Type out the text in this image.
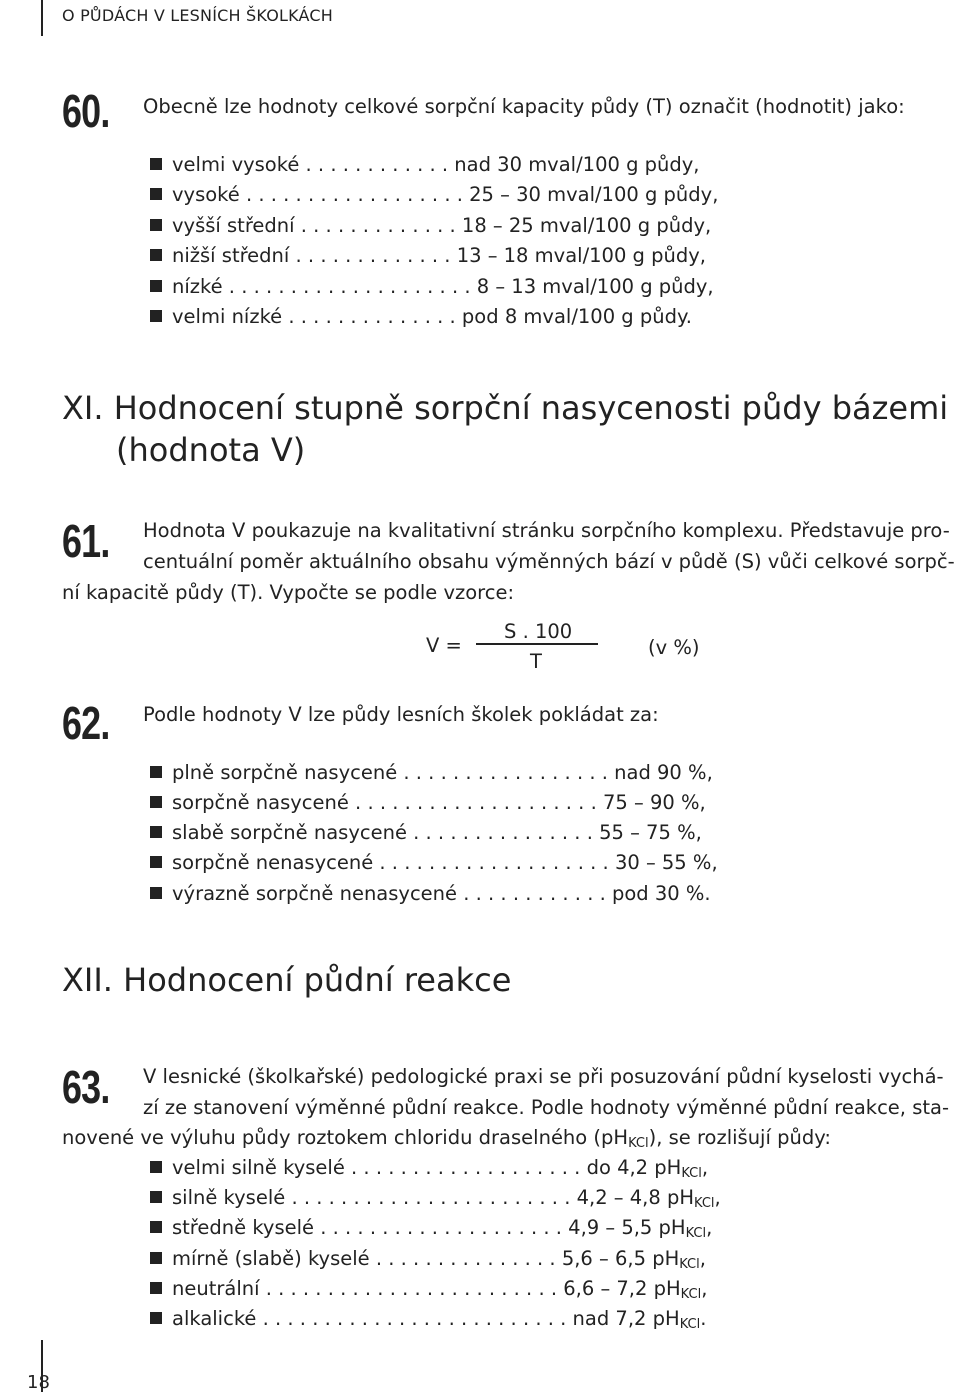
O PŮDÁCH V LESNÍCH ŠKOLKÁCH
60. Obecně lze hodnoty celkové sorpční kapacity půdy (T) označit (hodnotit) jako:
velmi vysoké . . . . . . . . . . . . nad 30 mval/100 g půdy,
vysoké . . . . . . . . . . . . . . . . . . 25 – 30 mval/100 g půdy,
vyšší střední . . . . . . . . . . . . . 18 – 25 mval/100 g půdy,
nižší střední . . . . . . . . . . . . . 13 – 18 mval/100 g půdy,
nízké . . . . . . . . . . . . . . . . . . . . 8 – 13 mval/100 g půdy,
velmi nízké . . . . . . . . . . . . . . pod 8 mval/100 g půdy.
XI. Hodnocení stupně sorpční nasycenosti půdy bázemi
(hodnota V)
61. Hodnota V poukazuje na kvalitativní stránku sorpčního komplexu. Představuje pro-
centuální poměr aktuálního obsahu výměnných bází v půdě (S) vůči celkové sorpč-
ní kapacitě půdy (T). Vypočte se podle vzorce:
V =
S . 100
T
(v %)
62. Podle hodnoty V lze půdy lesních školek pokládat za:
plně sorpčně nasycené . . . . . . . . . . . . . . . . . nad 90 %,
sorpčně nasycené . . . . . . . . . . . . . . . . . . . . 75 – 90 %,
slabě sorpčně nasycené . . . . . . . . . . . . . . . 55 – 75 %,
sorpčně nenasycené . . . . . . . . . . . . . . . . . . . 30 – 55 %,
výrazně sorpčně nenasycené . . . . . . . . . . . . pod 30 %.
XII. Hodnocení půdní reakce
63. V lesnické (školkařské) pedologické praxi se při posuzování půdní kyselosti vychá-
zí ze stanovení výměnné půdní reakce. Podle hodnoty výměnné půdní reakce, sta-
novené ve výluhu půdy roztokem chloridu draselného $(pH_{KCl})$, se rozlišují půdy:
velmi silně kyselé . . . . . . . . . . . . . . . . . . . do 4,2 $pH_{KCl}$,
silně kyselé . . . . . . . . . . . . . . . . . . . . . . . 4,2 – 4,8 $pH_{KCl}$,
středně kyselé . . . . . . . . . . . . . . . . . . . . 4,9 – 5,5 $pH_{KCl}$,
mírně (slabě) kyselé . . . . . . . . . . . . . . . 5,6 – 6,5 $pH_{KCl}$,
neutrální . . . . . . . . . . . . . . . . . . . . . . . . 6,6 – 7,2 $pH_{KCl}$,
alkalické . . . . . . . . . . . . . . . . . . . . . . . . . nad 7,2 $pH_{KCl}$.
18
